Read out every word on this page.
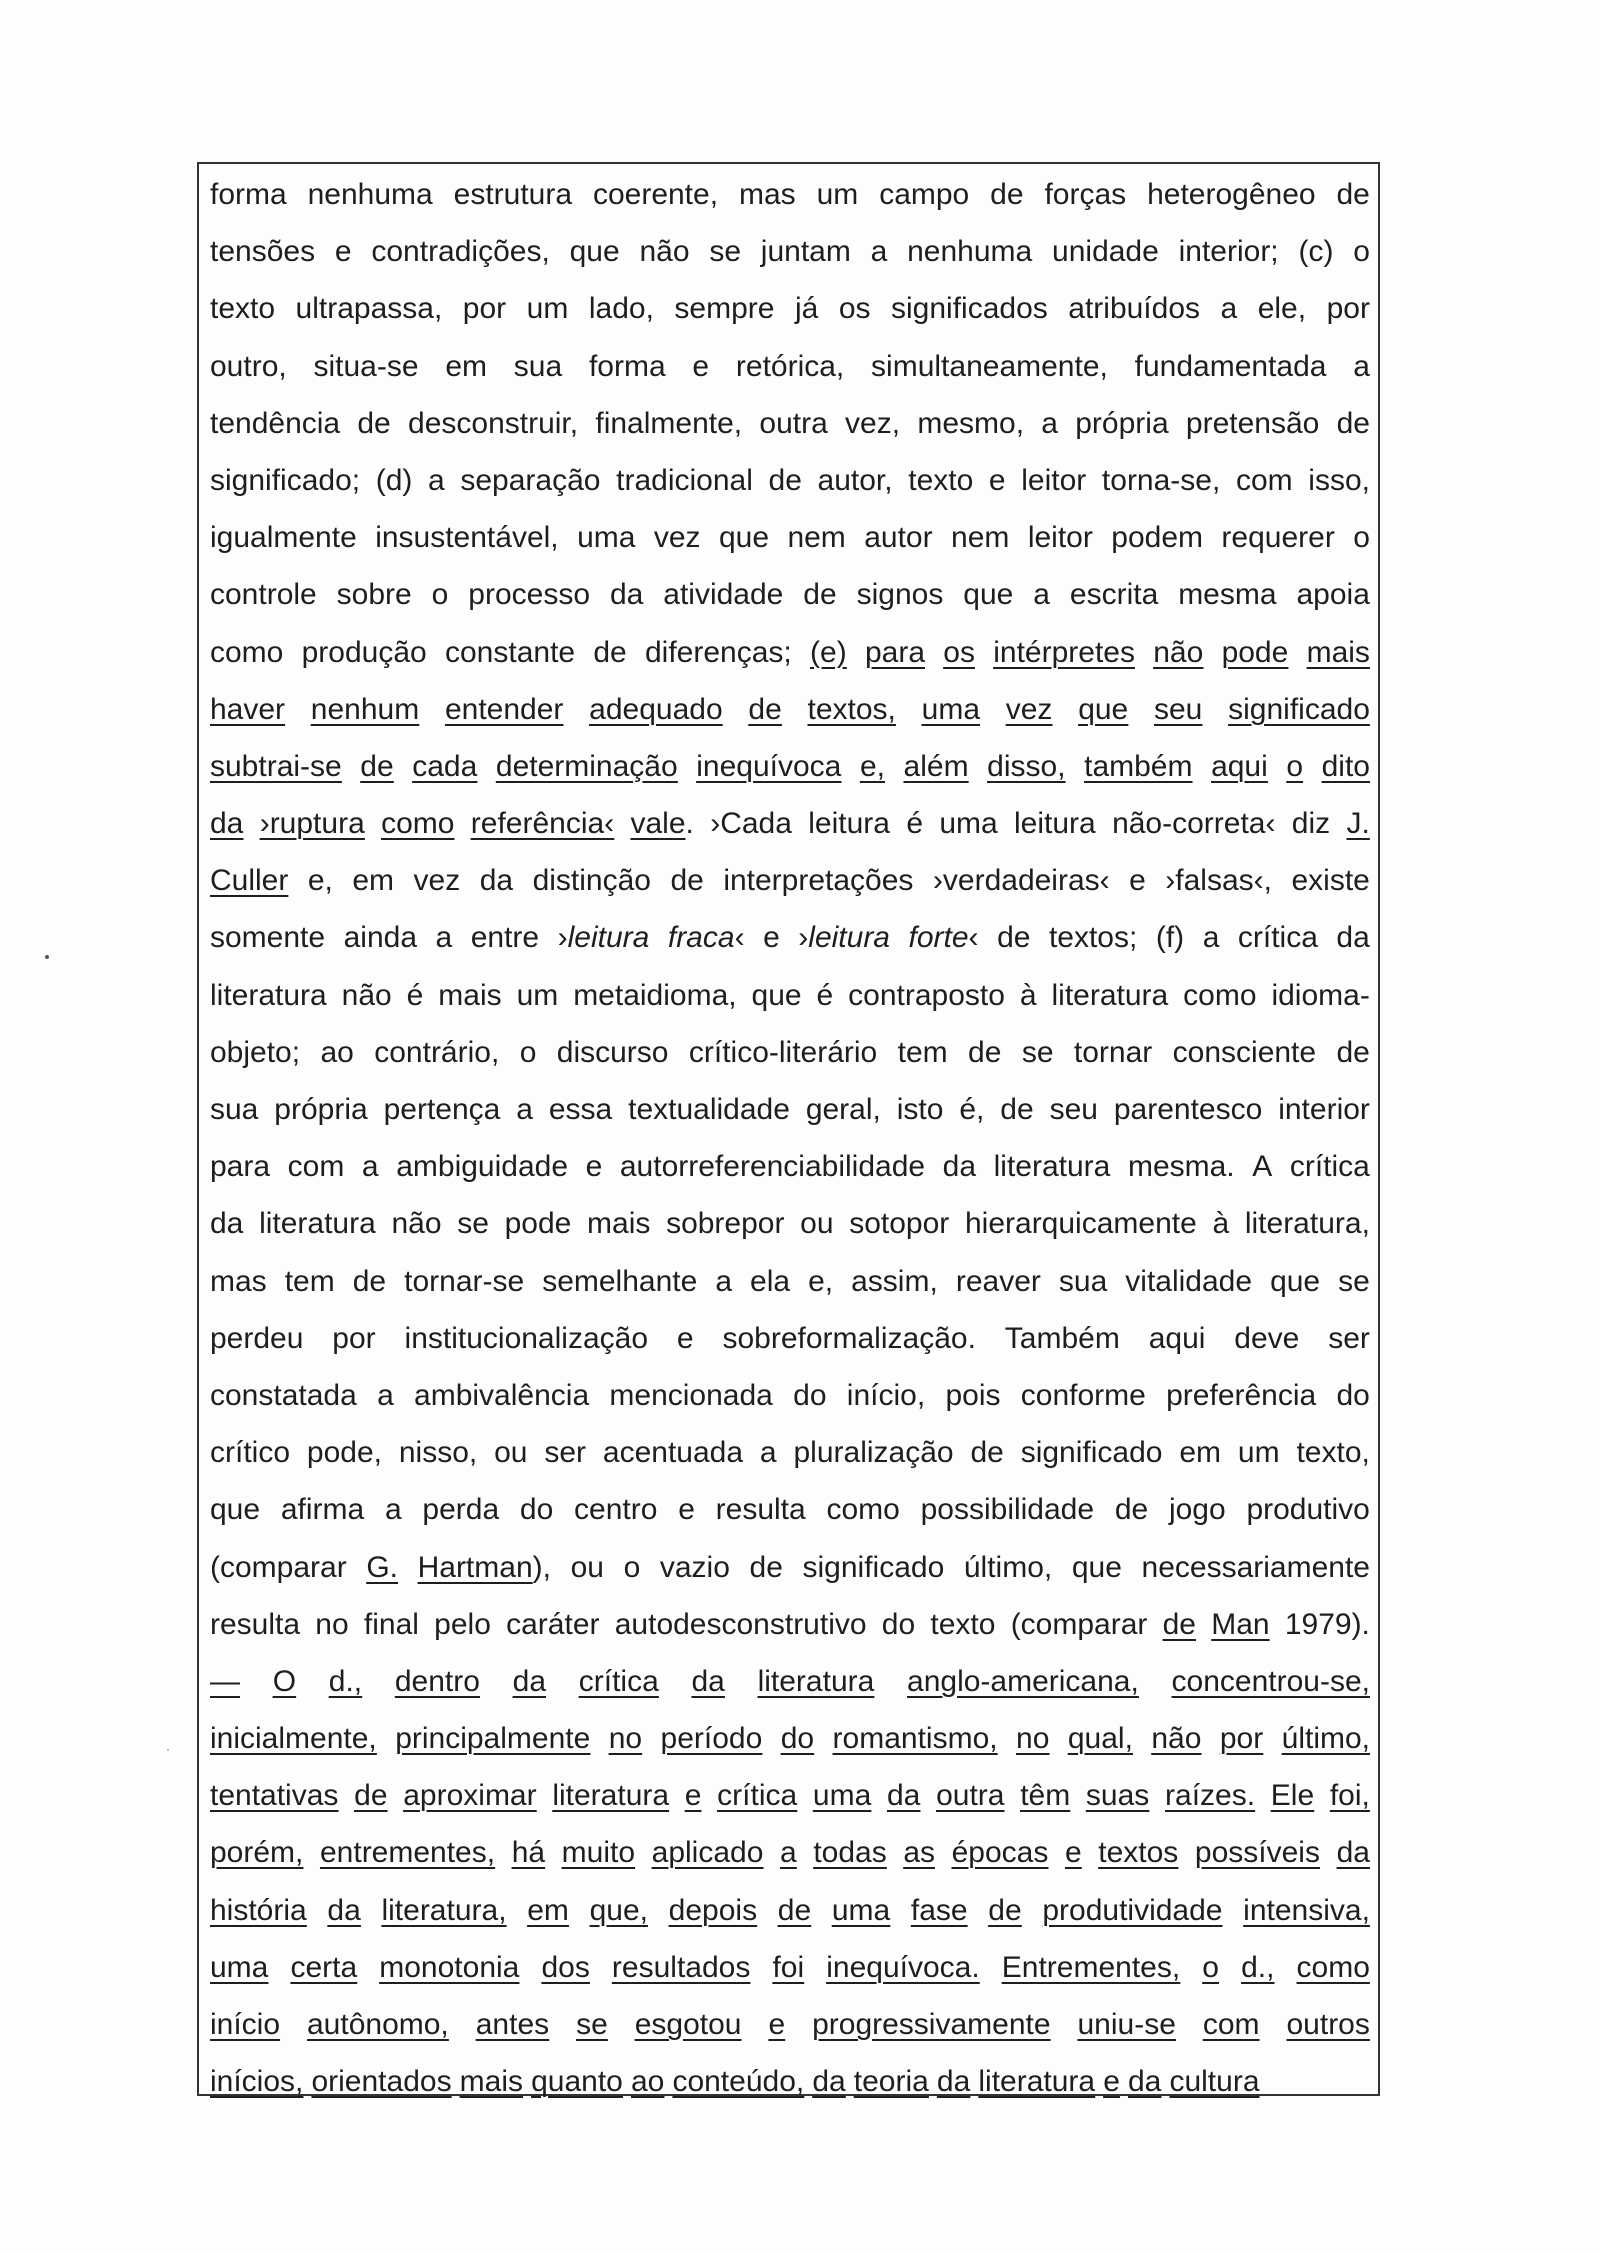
forma nenhuma estrutura coerente, mas um campo de forças heterogêneo de
tensões e contradições, que não se juntam a nenhuma unidade interior; (c) o
texto ultrapassa, por um lado, sempre já os significados atribuídos a ele, por
outro, situa-se em sua forma e retórica, simultaneamente, fundamentada a
tendência de desconstruir, finalmente, outra vez, mesmo, a própria pretensão de
significado; (d) a separação tradicional de autor, texto e leitor torna-se, com isso,
igualmente insustentável, uma vez que nem autor nem leitor podem requerer o
controle sobre o processo da atividade de signos que a escrita mesma apoia
como produção constante de diferenças; (e) para os intérpretes não pode mais
haver nenhum entender adequado de textos, uma vez que seu significado
subtrai-se de cada determinação inequívoca e, além disso, também aqui o dito
da ›ruptura como referência‹ vale. ›Cada leitura é uma leitura não-correta‹ diz J.
Culler e, em vez da distinção de interpretações ›verdadeiras‹ e ›falsas‹, existe
somente ainda a entre ›leitura fraca‹ e ›leitura forte‹ de textos; (f) a crítica da
literatura não é mais um metaidioma, que é contraposto à literatura como idioma-
objeto; ao contrário, o discurso crítico-literário tem de se tornar consciente de
sua própria pertença a essa textualidade geral, isto é, de seu parentesco interior
para com a ambiguidade e autorreferenciabilidade da literatura mesma. A crítica
da literatura não se pode mais sobrepor ou sotopor hierarquicamente à literatura,
mas tem de tornar-se semelhante a ela e, assim, reaver sua vitalidade que se
perdeu por institucionalização e sobreformalização. Também aqui deve ser
constatada a ambivalência mencionada do início, pois conforme preferência do
crítico pode, nisso, ou ser acentuada a pluralização de significado em um texto,
que afirma a perda do centro e resulta como possibilidade de jogo produtivo
(comparar G. Hartman), ou o vazio de significado último, que necessariamente
resulta no final pelo caráter autodesconstrutivo do texto (comparar de Man 1979).
— O d., dentro da crítica da literatura anglo-americana, concentrou-se,
inicialmente, principalmente no período do romantismo, no qual, não por último,
tentativas de aproximar literatura e crítica uma da outra têm suas raízes. Ele foi,
porém, entrementes, há muito aplicado a todas as épocas e textos possíveis da
história da literatura, em que, depois de uma fase de produtividade intensiva,
uma certa monotonia dos resultados foi inequívoca. Entrementes, o d., como
início autônomo, antes se esgotou e progressivamente uniu-se com outros
inícios, orientados mais quanto ao conteúdo, da teoria da literatura e da cultura
